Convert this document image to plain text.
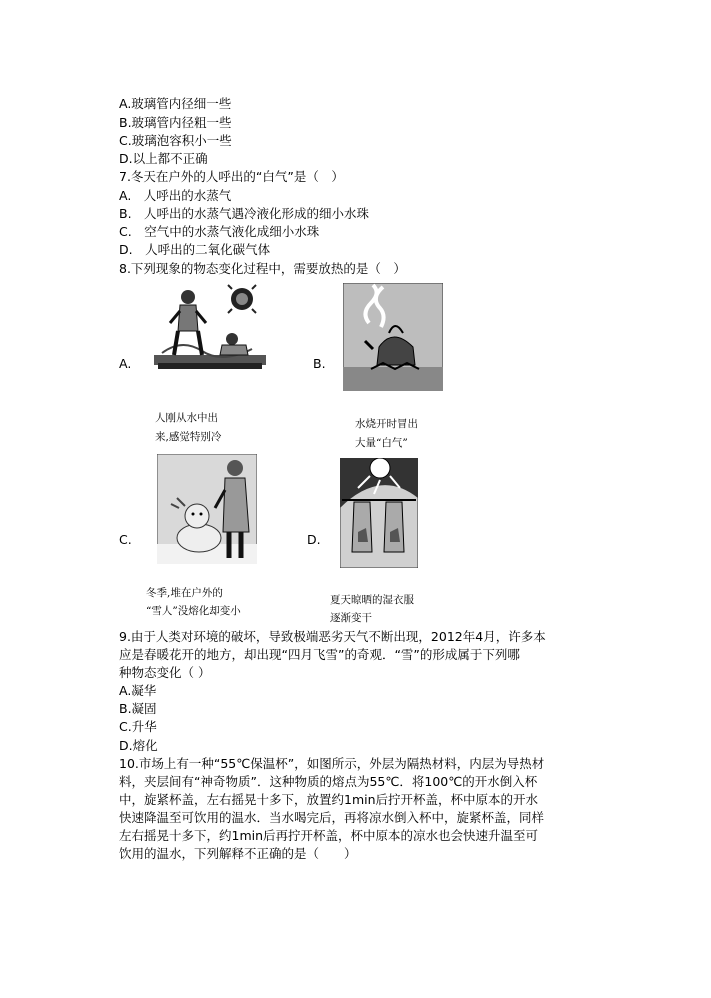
A.玻璃管内径细一些
B.玻璃管内径粗一些
C.玻璃泡容积小一些
D.以上都不正确
7.冬天在户外的人呼出的“白气”是（　）
A.　人呼出的水蒸气
B.　人呼出的水蒸气遇冷液化形成的细小水珠
C.　空气中的水蒸气液化成细小水珠
D.　人呼出的二氧化碳气体
8.下列现象的物态变化过程中，需要放热的是（　）
A.
人刚从水中出
来,感觉特别冷
B.
水烧开时冒出
大量“白气”
C.
冬季,堆在户外的
“雪人”没熔化却变小
D.
夏天晾晒的湿衣服
逐渐变干
9.由于人类对环境的破坏，导致极端恶劣天气不断出现，2012年4月，许多本
应是春暖花开的地方，却出现“四月飞雪”的奇观．“雪”的形成属于下列哪
种物态变化（ ）
A.凝华
B.凝固
C.升华
D.熔化
10.市场上有一种“55℃保温杯”，如图所示，外层为隔热材料，内层为导热材
料，夹层间有“神奇物质”．这种物质的熔点为55℃．将100℃的开水倒入杯
中，旋紧杯盖，左右摇晃十多下，放置约1min后拧开杯盖，杯中原本的开水
快速降温至可饮用的温水．当水喝完后，再将凉水倒入杯中，旋紧杯盖，同样
左右摇晃十多下，约1min后再拧开杯盖，杯中原本的凉水也会快速升温至可
饮用的温水，下列解释不正确的是（　　）
